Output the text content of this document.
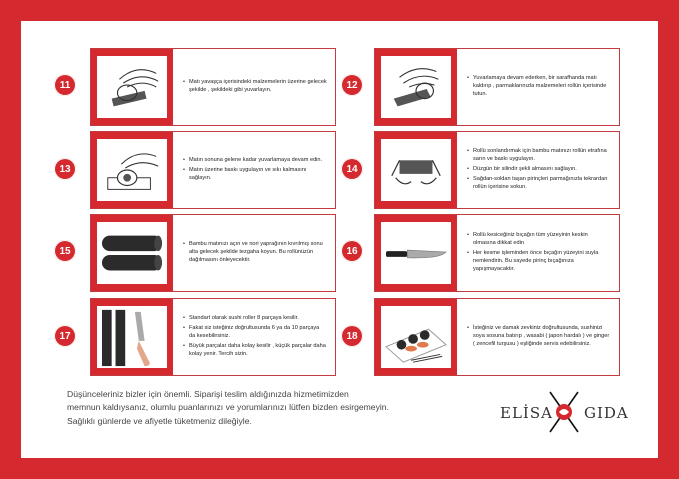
11
•	Matı yavaşça içerisindeki malzemelerin üzerine gelecek şekilde , şekildeki gibi yuvarlayın.	12
• Yuvarlamaya devam ederken, bir sarafhanda matı kaldırıp , parmaklarınızla malzemeleri rollün içerisinde tutun.
13
• Matın sonuna gelene kadar yuvarlamaya devam edin.
• Matın üzerine baskı uygulayın ve sıkı kalmasını sağlayın.
14
• Rollü sonlandırmak için bambu matınızı rollün etrafına sarın ve baskı uygulayın.
• Düzgün bir silindir şekli almasını sağlayın.
• Sağdan-soldan taşan pirinçleri parmağınızla tekrardan rollün içerisine sokun.
15
• Bambu matınızı açın ve nori yaprağının kıvrılmış sonu alta gelecek şekilde tezgaha koyun. Bu rollünüzün dağılmasını önleyecektir.
16
• Rollü kesiceğiniz bıçağın tüm yüzeyinin keskin olmasına dikkat edin
• Her kesme işleminden önce bıçağın yüzeyini suyla nemlendirin. Bu sayede pirinç bıçağınıza yapışmayacaktır.
17
• Standart olarak sushi roller 8 parçaya kesilir.
• Fakat siz isteğiniz doğrultusunda 6 ya da 10 parçaya da kesebilirsiniz.
• Büyük parçalar daha kolay kesilir , küçük parçalar daha kolay yenir. Tercih sizin.
18
• İsteğiniz ve damak zevkiniz doğrultusunda, sushinizi soya sosuna batırıp , wasabi ( japon hardalı ) ve ginger ( zencefil turşusu ) eşliğinde servis edebilirsiniz.
Düşünceleriniz bizler için önemli. Siparişi teslim aldığınızda hizmetimizden
memnun kaldıysanız, olumlu puanlarınızı ve yorumlarınızı lütfen bizden esirgemeyin.
Sağlıklı günlerde ve afiyetle tüketmeniz dileğiyle.	ELİSA GIDA
